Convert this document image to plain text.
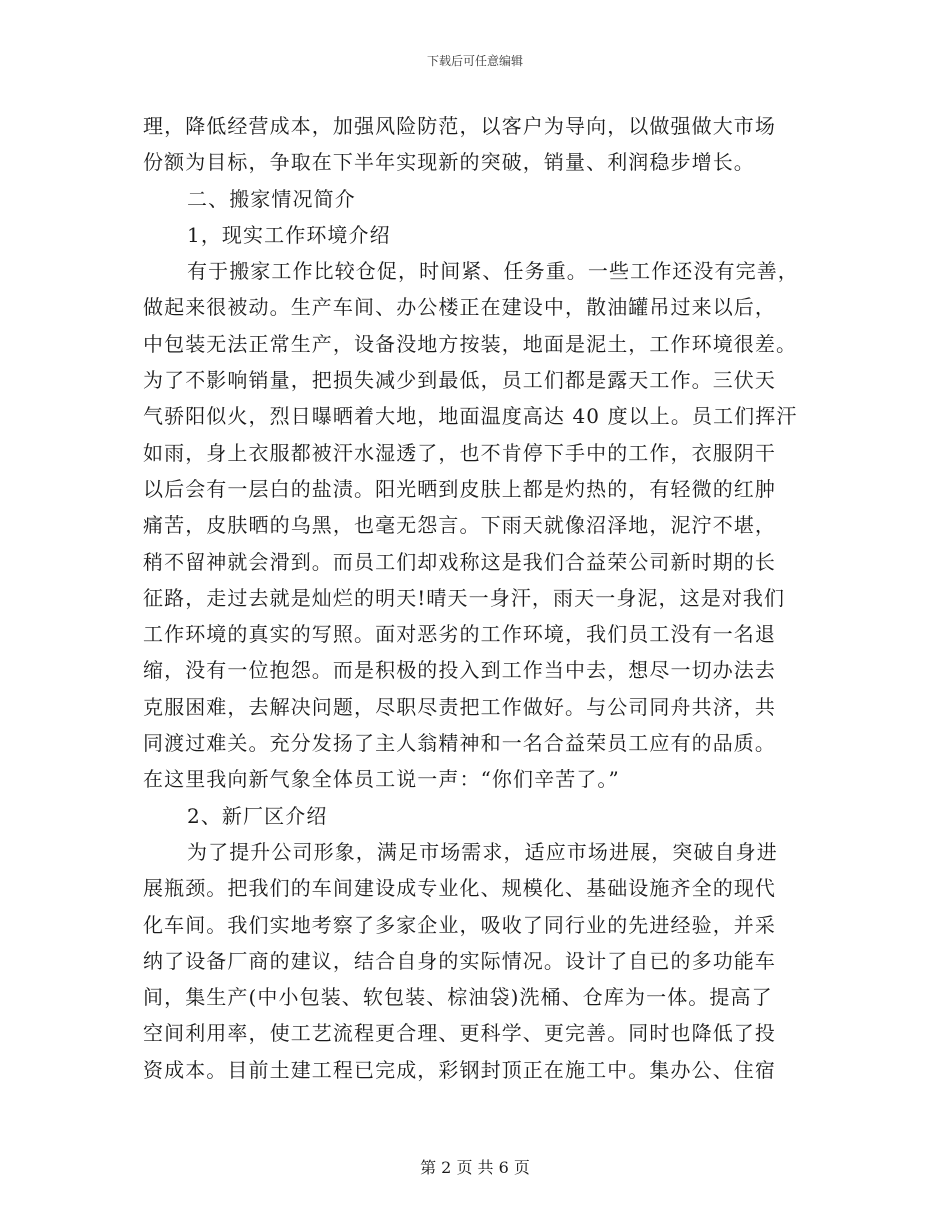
下载后可任意编辑
理，降低经营成本，加强风险防范，以客户为导向，以做强做大市场
份额为目标，争取在下半年实现新的突破，销量、利润稳步增长。
二、搬家情况简介
1，现实工作环境介绍
有于搬家工作比较仓促，时间紧、任务重。一些工作还没有完善，
做起来很被动。生产车间、办公楼正在建设中，散油罐吊过来以后，
中包装无法正常生产，设备没地方按装，地面是泥土，工作环境很差。
为了不影响销量，把损失减少到最低，员工们都是露天工作。三伏天
气骄阳似火，烈日曝晒着大地，地面温度高达 40 度以上。员工们挥汗
如雨，身上衣服都被汗水湿透了，也不肯停下手中的工作，衣服阴干
以后会有一层白的盐渍。阳光晒到皮肤上都是灼热的，有轻微的红肿
痛苦，皮肤晒的乌黑，也毫无怨言。下雨天就像沼泽地，泥泞不堪，
稍不留神就会滑到。而员工们却戏称这是我们合益荣公司新时期的长
征路，走过去就是灿烂的明天!晴天一身汗，雨天一身泥，这是对我们
工作环境的真实的写照。面对恶劣的工作环境，我们员工没有一名退
缩，没有一位抱怨。而是积极的投入到工作当中去，想尽一切办法去
克服困难，去解决问题，尽职尽责把工作做好。与公司同舟共济，共
同渡过难关。充分发扬了主人翁精神和一名合益荣员工应有的品质。
在这里我向新气象全体员工说一声：“你们辛苦了。”
2、新厂区介绍
为了提升公司形象，满足市场需求，适应市场进展，突破自身进
展瓶颈。把我们的车间建设成专业化、规模化、基础设施齐全的现代
化车间。我们实地考察了多家企业，吸收了同行业的先进经验，并采
纳了设备厂商的建议，结合自身的实际情况。设计了自已的多功能车
间，集生产(中小包装、软包装、棕油袋)洗桶、仓库为一体。提高了
空间利用率，使工艺流程更合理、更科学、更完善。同时也降低了投
资成本。目前土建工程已完成，彩钢封顶正在施工中。集办公、住宿
第 2 页 共 6 页
